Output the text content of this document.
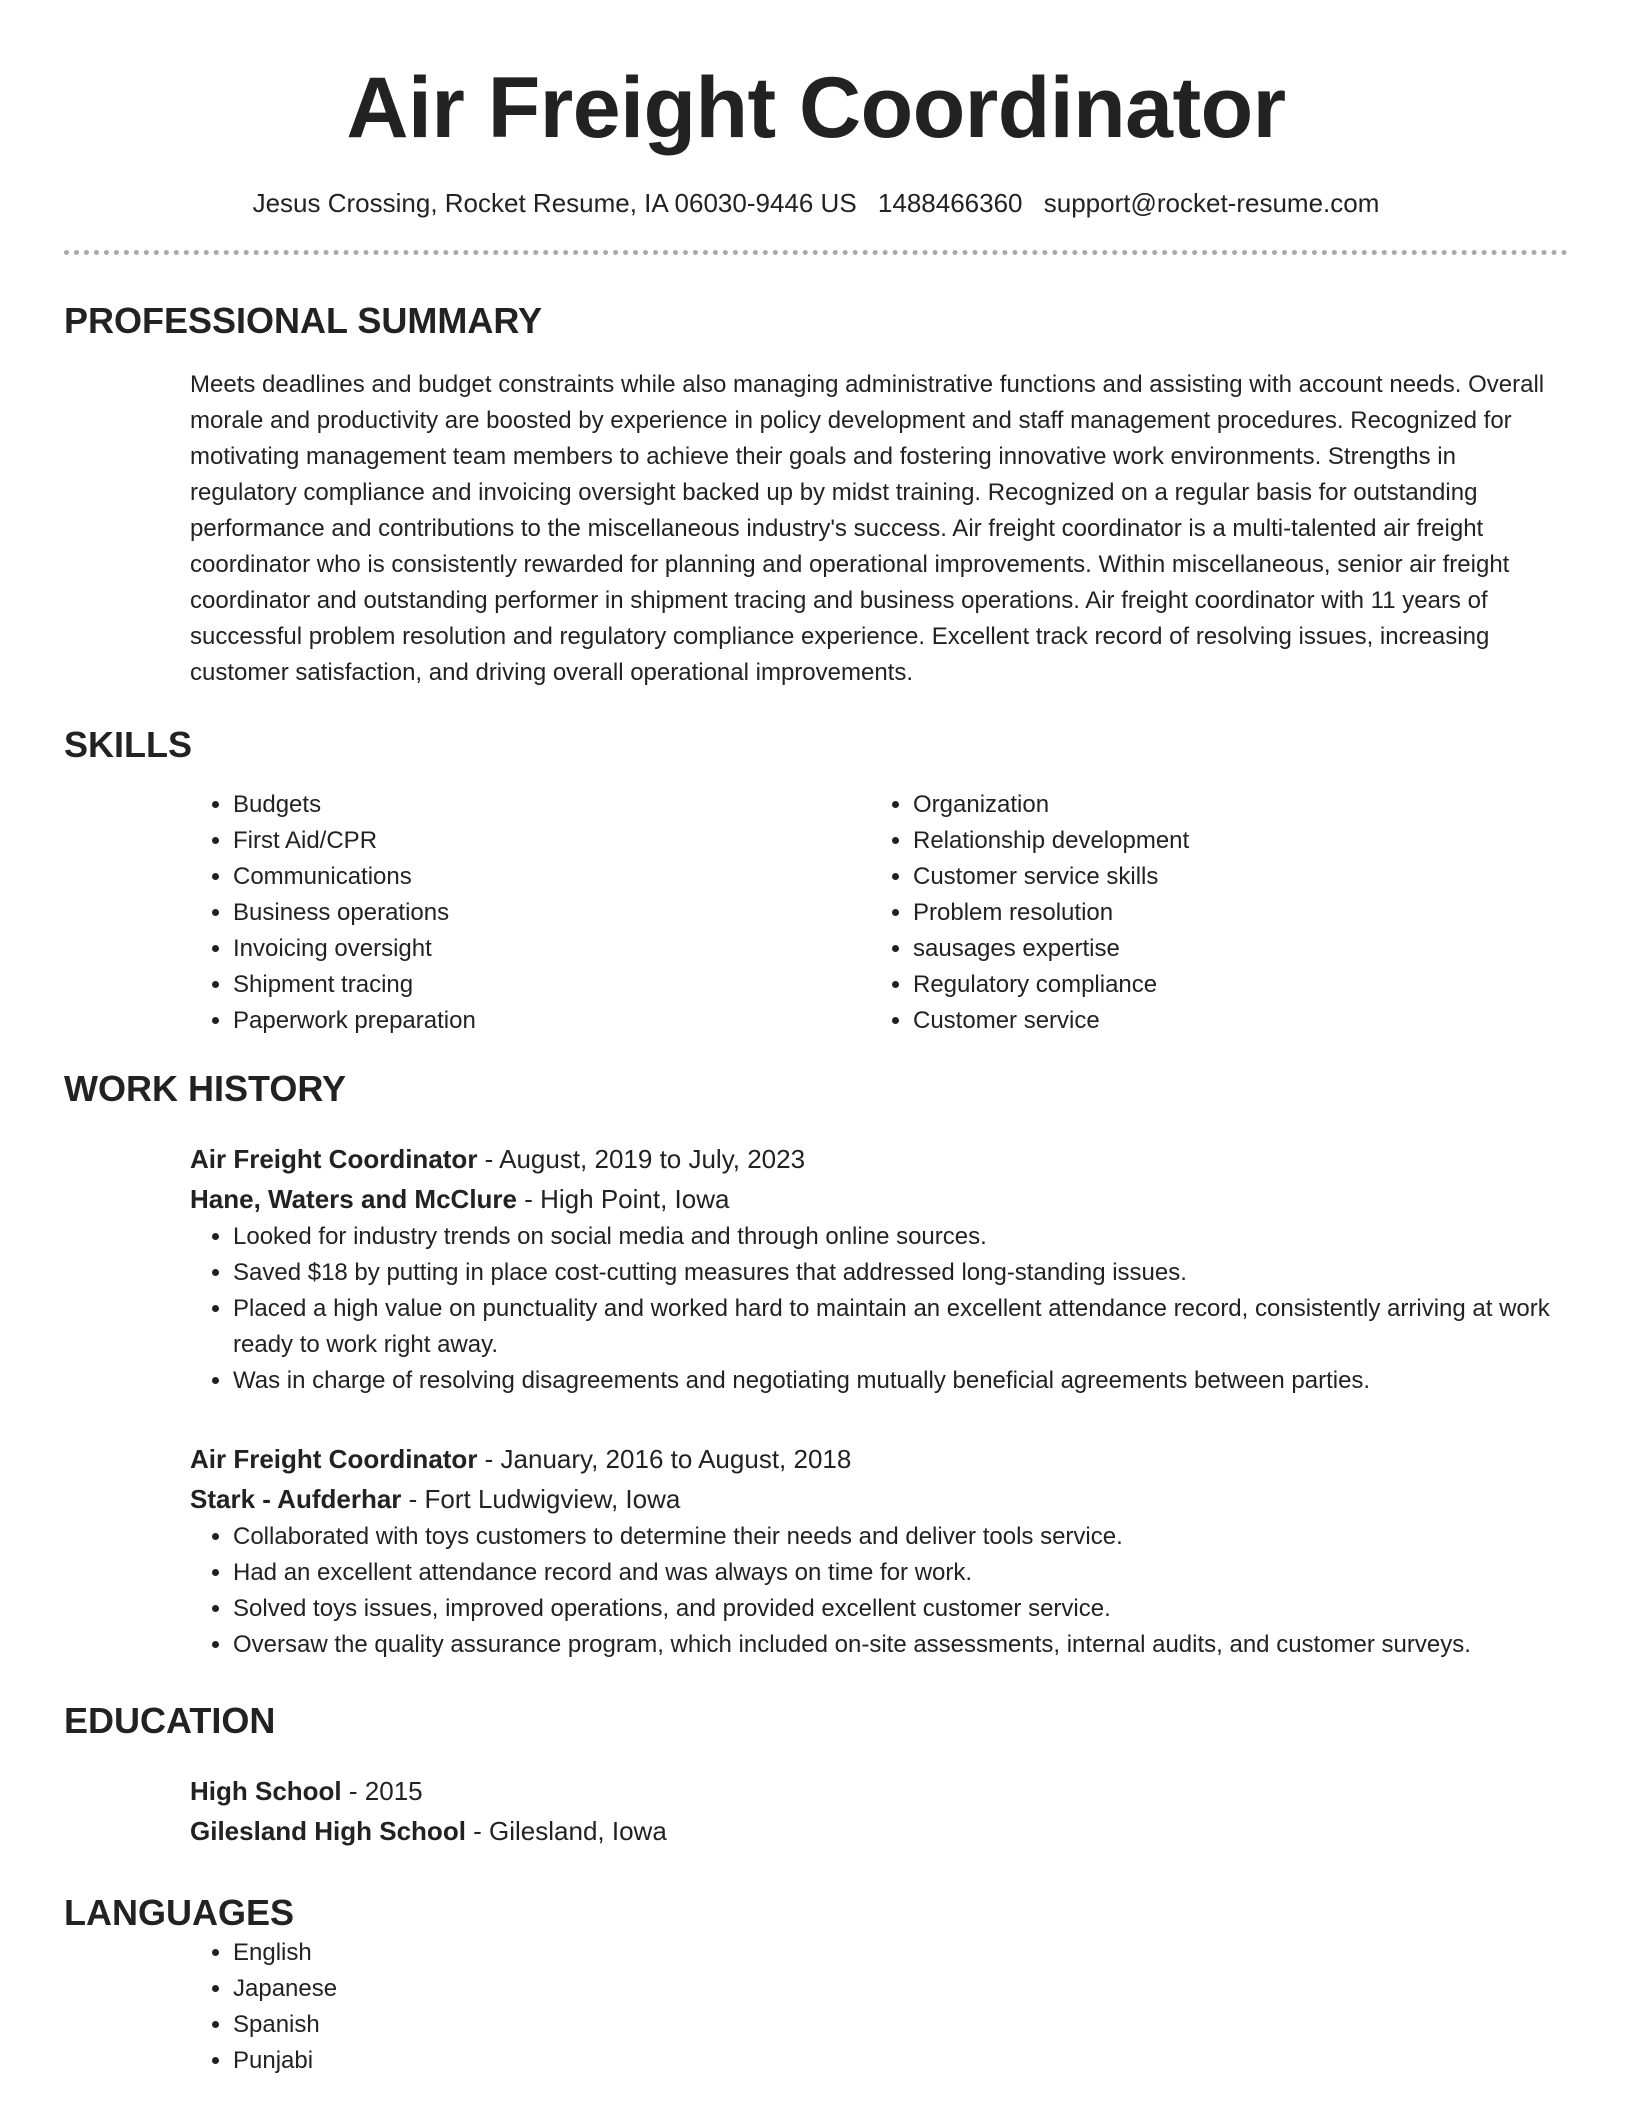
Air Freight Coordinator
Jesus Crossing, Rocket Resume, IA 06030-9446 US 1488466360 support@rocket-resume.com
PROFESSIONAL SUMMARY

Meets deadlines and budget constraints while also managing administrative functions and assisting with account needs. Overall morale and productivity are boosted by experience in policy development and staff management procedures. Recognized for motivating management team members to achieve their goals and fostering innovative work environments. Strengths in regulatory compliance and invoicing oversight backed up by midst training. Recognized on a regular basis for outstanding performance and contributions to the miscellaneous industry's success. Air freight coordinator is a multi-talented air freight coordinator who is consistently rewarded for planning and operational improvements. Within miscellaneous, senior air freight coordinator and outstanding performer in shipment tracing and business operations. Air freight coordinator with 11 years of successful problem resolution and regulatory compliance experience. Excellent track record of resolving issues, increasing customer satisfaction, and driving overall operational improvements.

SKILLS
• Budgets
• First Aid/CPR
• Communications
• Business operations
• Invoicing oversight
• Shipment tracing
• Paperwork preparation
• Organization
• Relationship development
• Customer service skills
• Problem resolution
• sausages expertise
• Regulatory compliance
• Customer service
WORK HISTORY
Air Freight Coordinator - August, 2019 to July, 2023
Hane, Waters and McClure - High Point, Iowa
• Looked for industry trends on social media and through online sources.
• Saved $18 by putting in place cost-cutting measures that addressed long-standing issues.
• Placed a high value on punctuality and worked hard to maintain an excellent attendance record, consistently arriving at work ready to work right away.
• Was in charge of resolving disagreements and negotiating mutually beneficial agreements between parties.
Air Freight Coordinator - January, 2016 to August, 2018
Stark - Aufderhar - Fort Ludwigview, Iowa
• Collaborated with toys customers to determine their needs and deliver tools service.
• Had an excellent attendance record and was always on time for work.
• Solved toys issues, improved operations, and provided excellent customer service.
• Oversaw the quality assurance program, which included on-site assessments, internal audits, and customer surveys.
EDUCATION
High School - 2015
Gilesland High School - Gilesland, Iowa
LANGUAGES
• English
• Japanese
• Spanish
• Punjabi
